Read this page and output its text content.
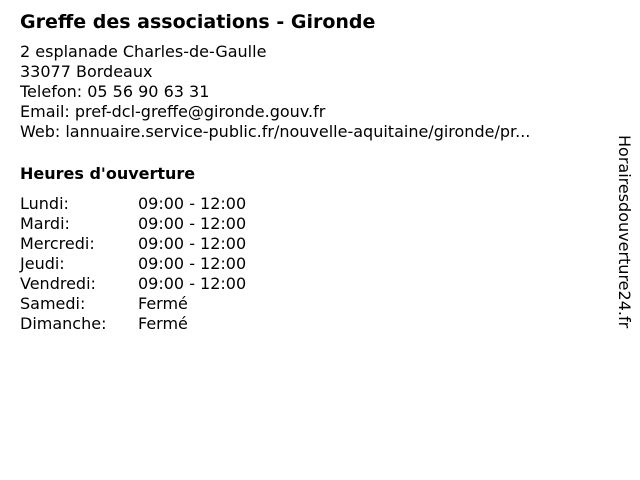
Greffe des associations - Gironde
2 esplanade Charles-de-Gaulle
33077 Bordeaux
Telefon: 05 56 90 63 31
Email: pref-dcl-greffe@gironde.gouv.fr
Web: lannuaire.service-public.fr/nouvelle-aquitaine/gironde/pr...
Heures d'ouverture
Lundi:	09:00 - 12:00
Mardi:	09:00 - 12:00
Mercredi:	09:00 - 12:00
Jeudi:	09:00 - 12:00
Vendredi:	09:00 - 12:00
Samedi:	Fermé
Dimanche:	Fermé	Horairesdouverture24.fr
